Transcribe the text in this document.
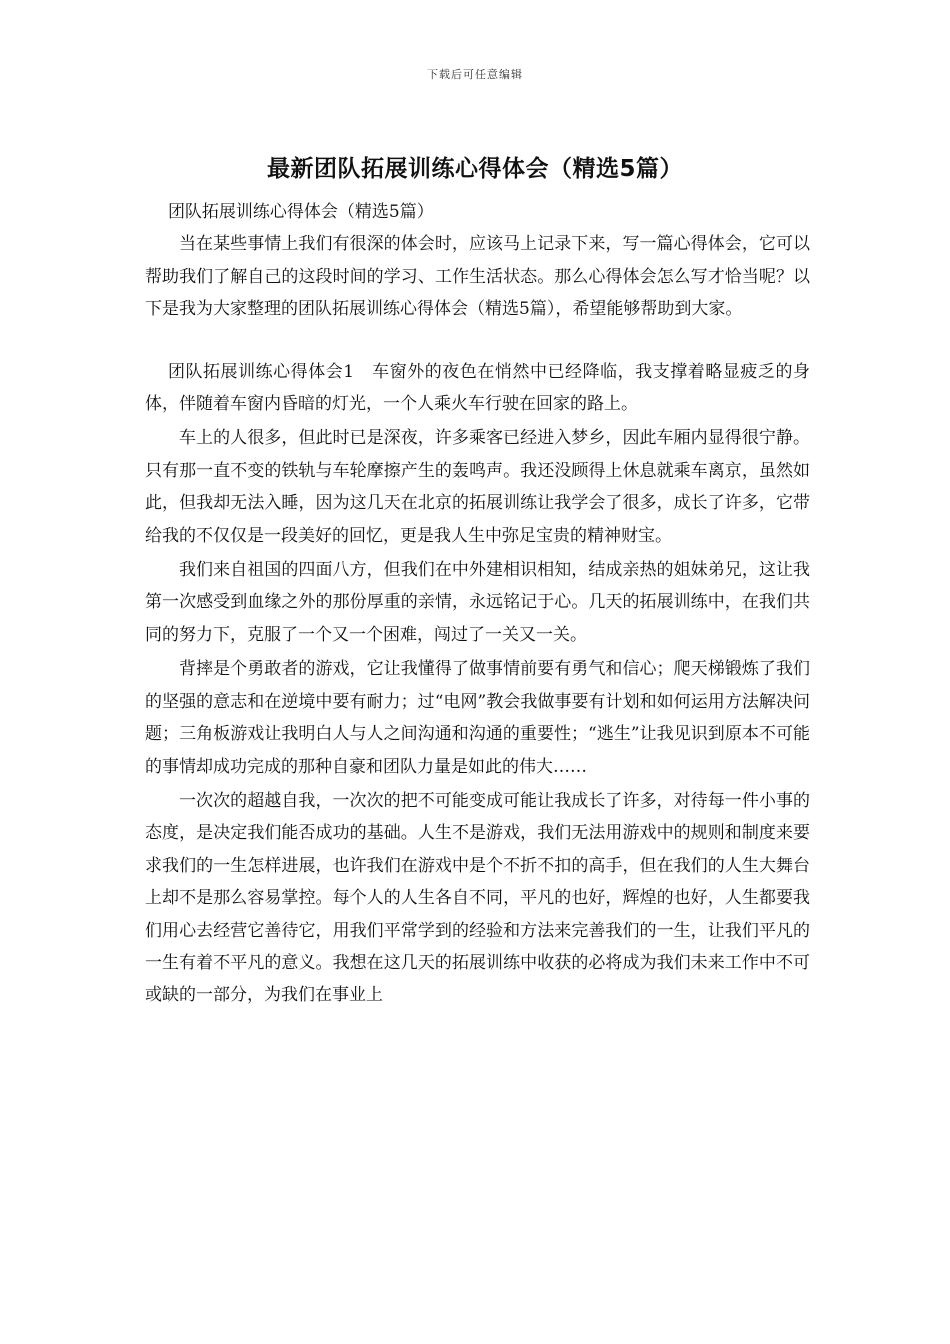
下载后可任意编辑
最新团队拓展训练心得体会（精选5篇）

团队拓展训练心得体会（精选5篇）

当在某些事情上我们有很深的体会时，应该马上记录下来，写一篇心得体会，它可以帮助我们了解自己的这段时间的学习、工作生活状态。那么心得体会怎么写才恰当呢？以下是我为大家整理的团队拓展训练心得体会（精选5篇），希望能够帮助到大家。

团队拓展训练心得体会1　车窗外的夜色在悄然中已经降临，我支撑着略显疲乏的身体，伴随着车窗内昏暗的灯光，一个人乘火车行驶在回家的路上。

车上的人很多，但此时已是深夜，许多乘客已经进入梦乡，因此车厢内显得很宁静。只有那一直不变的铁轨与车轮摩擦产生的轰鸣声。我还没顾得上休息就乘车离京，虽然如此，但我却无法入睡，因为这几天在北京的拓展训练让我学会了很多，成长了许多，它带给我的不仅仅是一段美好的回忆，更是我人生中弥足宝贵的精神财宝。

我们来自祖国的四面八方，但我们在中外建相识相知，结成亲热的姐妹弟兄，这让我第一次感受到血缘之外的那份厚重的亲情，永远铭记于心。几天的拓展训练中，在我们共同的努力下，克服了一个又一个困难，闯过了一关又一关。

背摔是个勇敢者的游戏，它让我懂得了做事情前要有勇气和信心；爬天梯锻炼了我们的坚强的意志和在逆境中要有耐力；过“电网”教会我做事要有计划和如何运用方法解决问题；三角板游戏让我明白人与人之间沟通和沟通的重要性；“逃生”让我见识到原本不可能的事情却成功完成的那种自豪和团队力量是如此的伟大……

一次次的超越自我，一次次的把不可能变成可能让我成长了许多，对待每一件小事的态度，是决定我们能否成功的基础。人生不是游戏，我们无法用游戏中的规则和制度来要求我们的一生怎样进展，也许我们在游戏中是个不折不扣的高手，但在我们的人生大舞台上却不是那么容易掌控。每个人的人生各自不同，平凡的也好，辉煌的也好，人生都要我们用心去经营它善待它，用我们平常学到的经验和方法来完善我们的一生，让我们平凡的一生有着不平凡的意义。我想在这几天的拓展训练中收获的必将成为我们未来工作中不可或缺的一部分，为我们在事业上
